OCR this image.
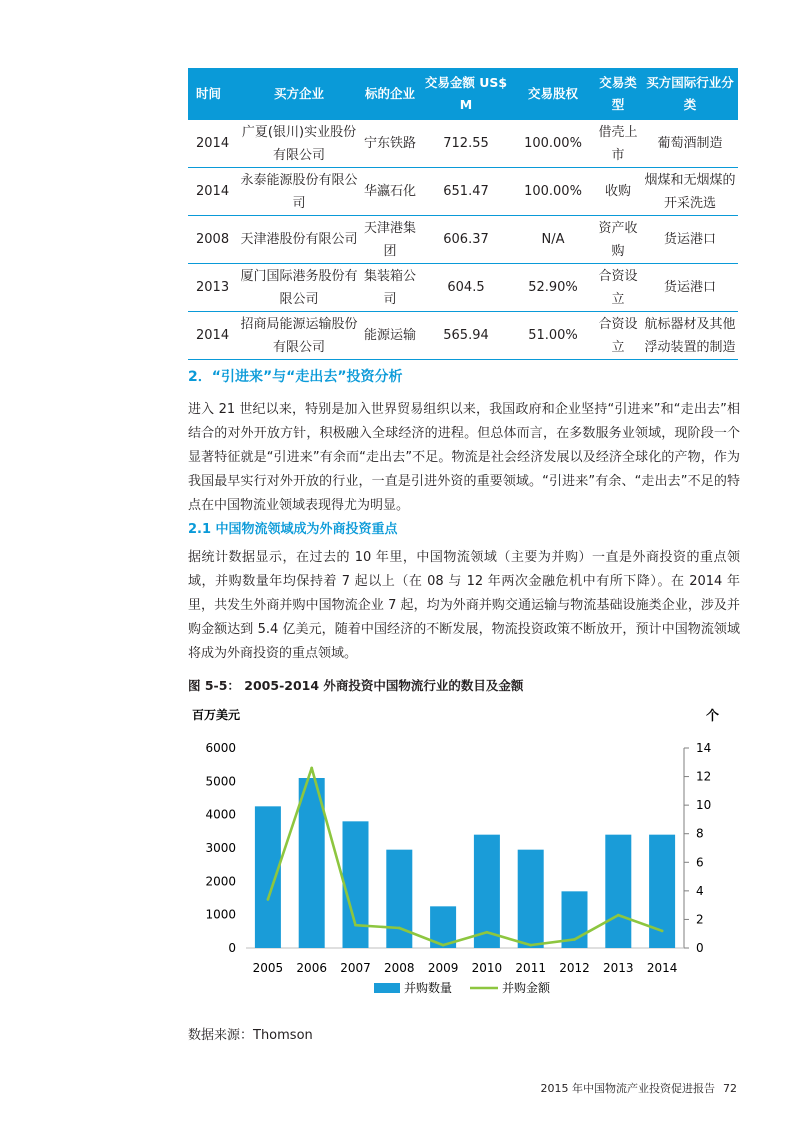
时间	买方企业	标的企业	交易金额 US$ M	交易股权	交易类型	买方国际行业分类
2014	广夏(银川)实业股份有限公司	宁东铁路	712.55	100.00%	借壳上市	葡萄酒制造
2014	永泰能源股份有限公司	华瀛石化	651.47	100.00%	收购	烟煤和无烟煤的开采洗选
2008	天津港股份有限公司	天津港集团	606.37	N/A	资产收购	货运港口
2013	厦门国际港务股份有限公司	集装箱公司	604.5	52.90%	合资设立	货运港口
2014	招商局能源运输股份有限公司	能源运输	565.94	51.00%	合资设立	航标器材及其他浮动装置的制造
2．“引进来”与“走出去”投资分析

进入 21 世纪以来，特别是加入世界贸易组织以来，我国政府和企业坚持“引进来”和“走出去”相结合的对外开放方针，积极融入全球经济的进程。但总体而言，在多数服务业领域，现阶段一个显著特征就是“引进来”有余而“走出去”不足。物流是社会经济发展以及经济全球化的产物，作为我国最早实行对外开放的行业，一直是引进外资的重要领域。“引进来”有余、“走出去”不足的特点在中国物流业领域表现得尤为明显。

2.1 中国物流领域成为外商投资重点

据统计数据显示，在过去的 10 年里，中国物流领域（主要为并购）一直是外商投资的重点领域，并购数量年均保持着 7 起以上（在 08 与 12 年两次金融危机中有所下降）。在 2014 年里，共发生外商并购中国物流企业 7 起，均为外商并购交通运输与物流基础设施类企业，涉及并购金额达到 5.4 亿美元，随着中国经济的不断发展，物流投资政策不断放开，预计中国物流领域将成为外商投资的重点领域。

图 5-5： 2005-2014 外商投资中国物流行业的数目及金额
百万美元	个
0
1000
2000
3000
4000
5000
6000
0
2
4
6
8
10
12
14
2005 2006 2007 2008 2009 2010 2011 2012 2013 2014
并购数量	并购金额
数据来源：Thomson
2015 年中国物流产业投资促进报告 72
